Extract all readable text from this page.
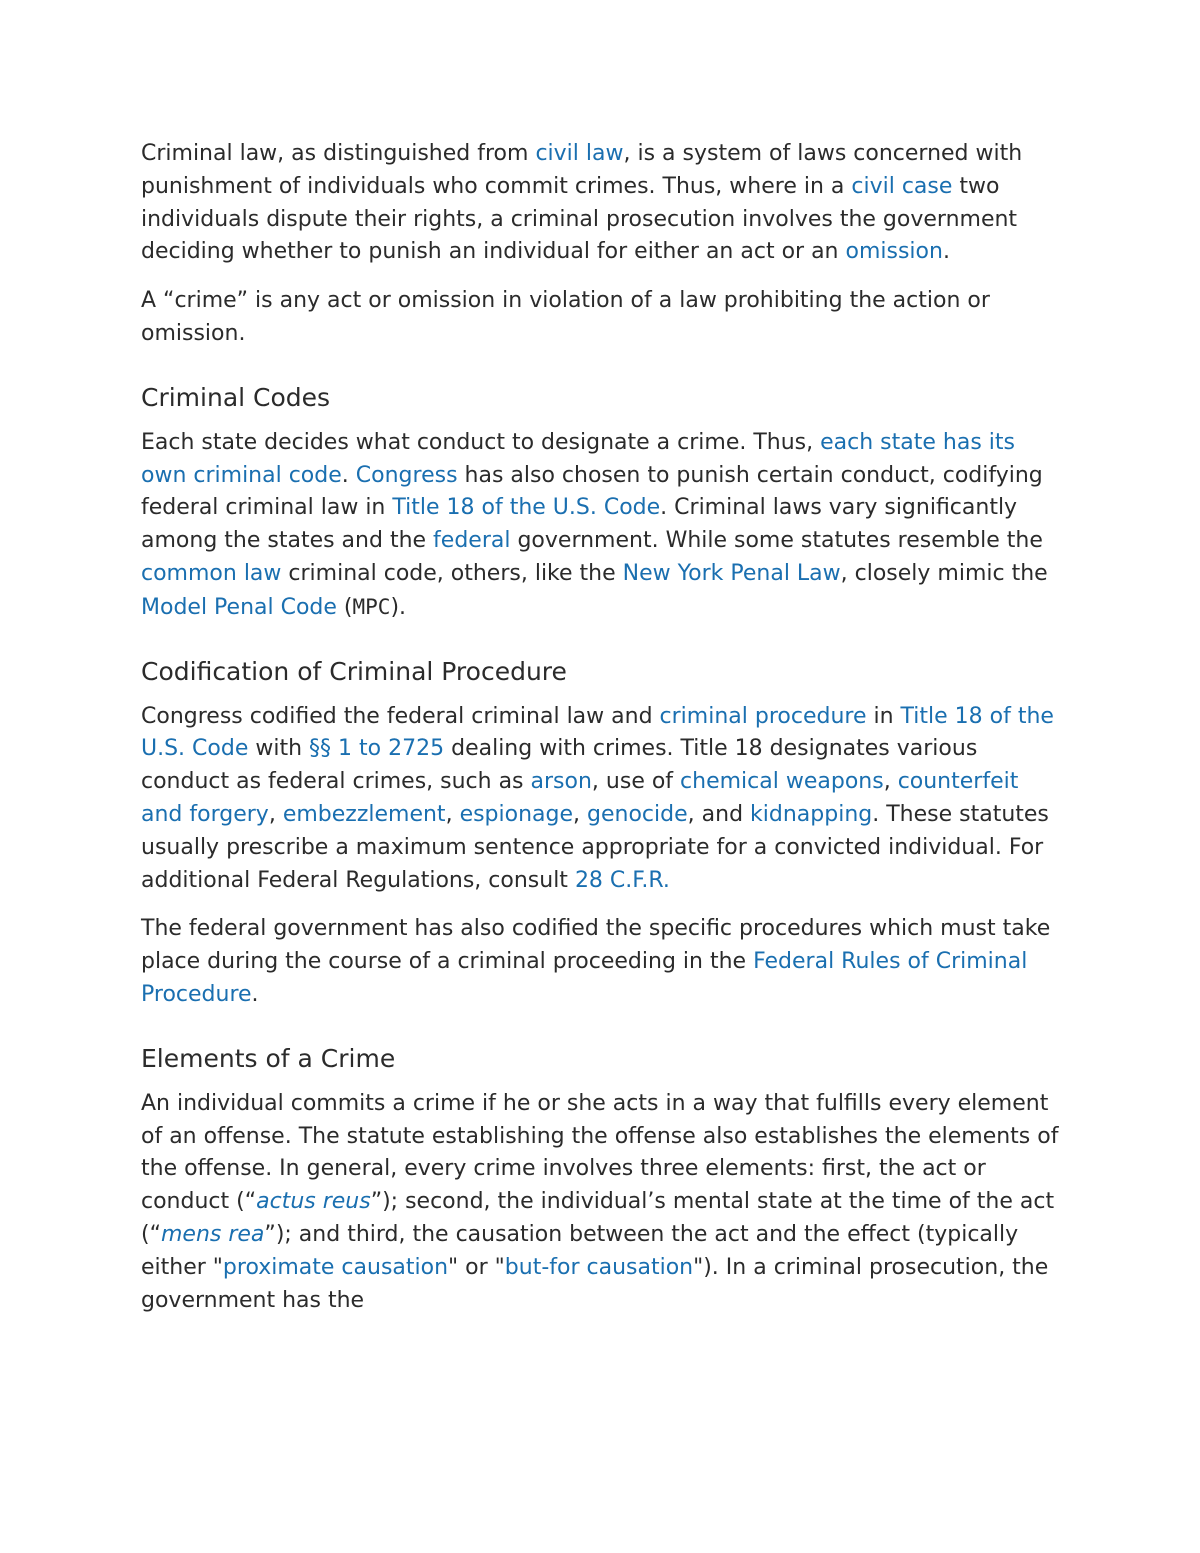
Criminal law, as distinguished from civil law, is a system of laws concerned with punishment of individuals who commit crimes. Thus, where in a civil case two individuals dispute their rights, a criminal prosecution involves the government deciding whether to punish an individual for either an act or an omission.

A “crime” is any act or omission in violation of a law prohibiting the action or omission.

Criminal Codes

Each state decides what conduct to designate a crime. Thus, each state has its own criminal code. Congress has also chosen to punish certain conduct, codifying federal criminal law in Title 18 of the U.S. Code. Criminal laws vary significantly among the states and the federal government. While some statutes resemble the common law criminal code, others, like the New York Penal Law, closely mimic the Model Penal Code (MPC).

Codification of Criminal Procedure

Congress codified the federal criminal law and criminal procedure in Title 18 of the U.S. Code with §§ 1 to 2725 dealing with crimes. Title 18 designates various conduct as federal crimes, such as arson, use of chemical weapons, counterfeit and forgery, embezzlement, espionage, genocide, and kidnapping. These statutes usually prescribe a maximum sentence appropriate for a convicted individual. For additional Federal Regulations, consult 28 C.F.R.

The federal government has also codified the specific procedures which must take place during the course of a criminal proceeding in the Federal Rules of Criminal Procedure.

Elements of a Crime

An individual commits a crime if he or she acts in a way that fulfills every element of an offense. The statute establishing the offense also establishes the elements of the offense. In general, every crime involves three elements: first, the act or conduct (“actus reus”); second, the individual’s mental state at the time of the act (“mens rea”); and third, the causation between the act and the effect (typically either "proximate causation" or "but-for causation"). In a criminal prosecution, the government has the
